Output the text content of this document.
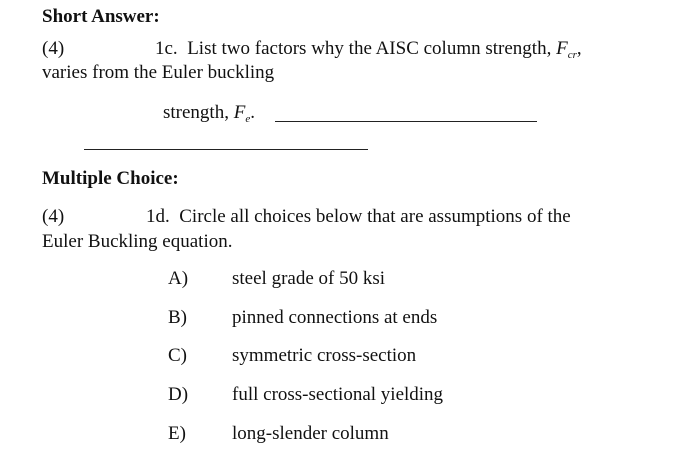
Short Answer:
(4)	1c. List two factors why the AISC column strength, $F_{cr}$,
varies from the Euler buckling
strength, $F_e$.
Multiple Choice:
(4)	1d. Circle all choices below that are assumptions of the
Euler Buckling equation.
A) steel grade of 50 ksi
B) pinned connections at ends
C) symmetric cross-section
D) full cross-sectional yielding
E) long-slender column
